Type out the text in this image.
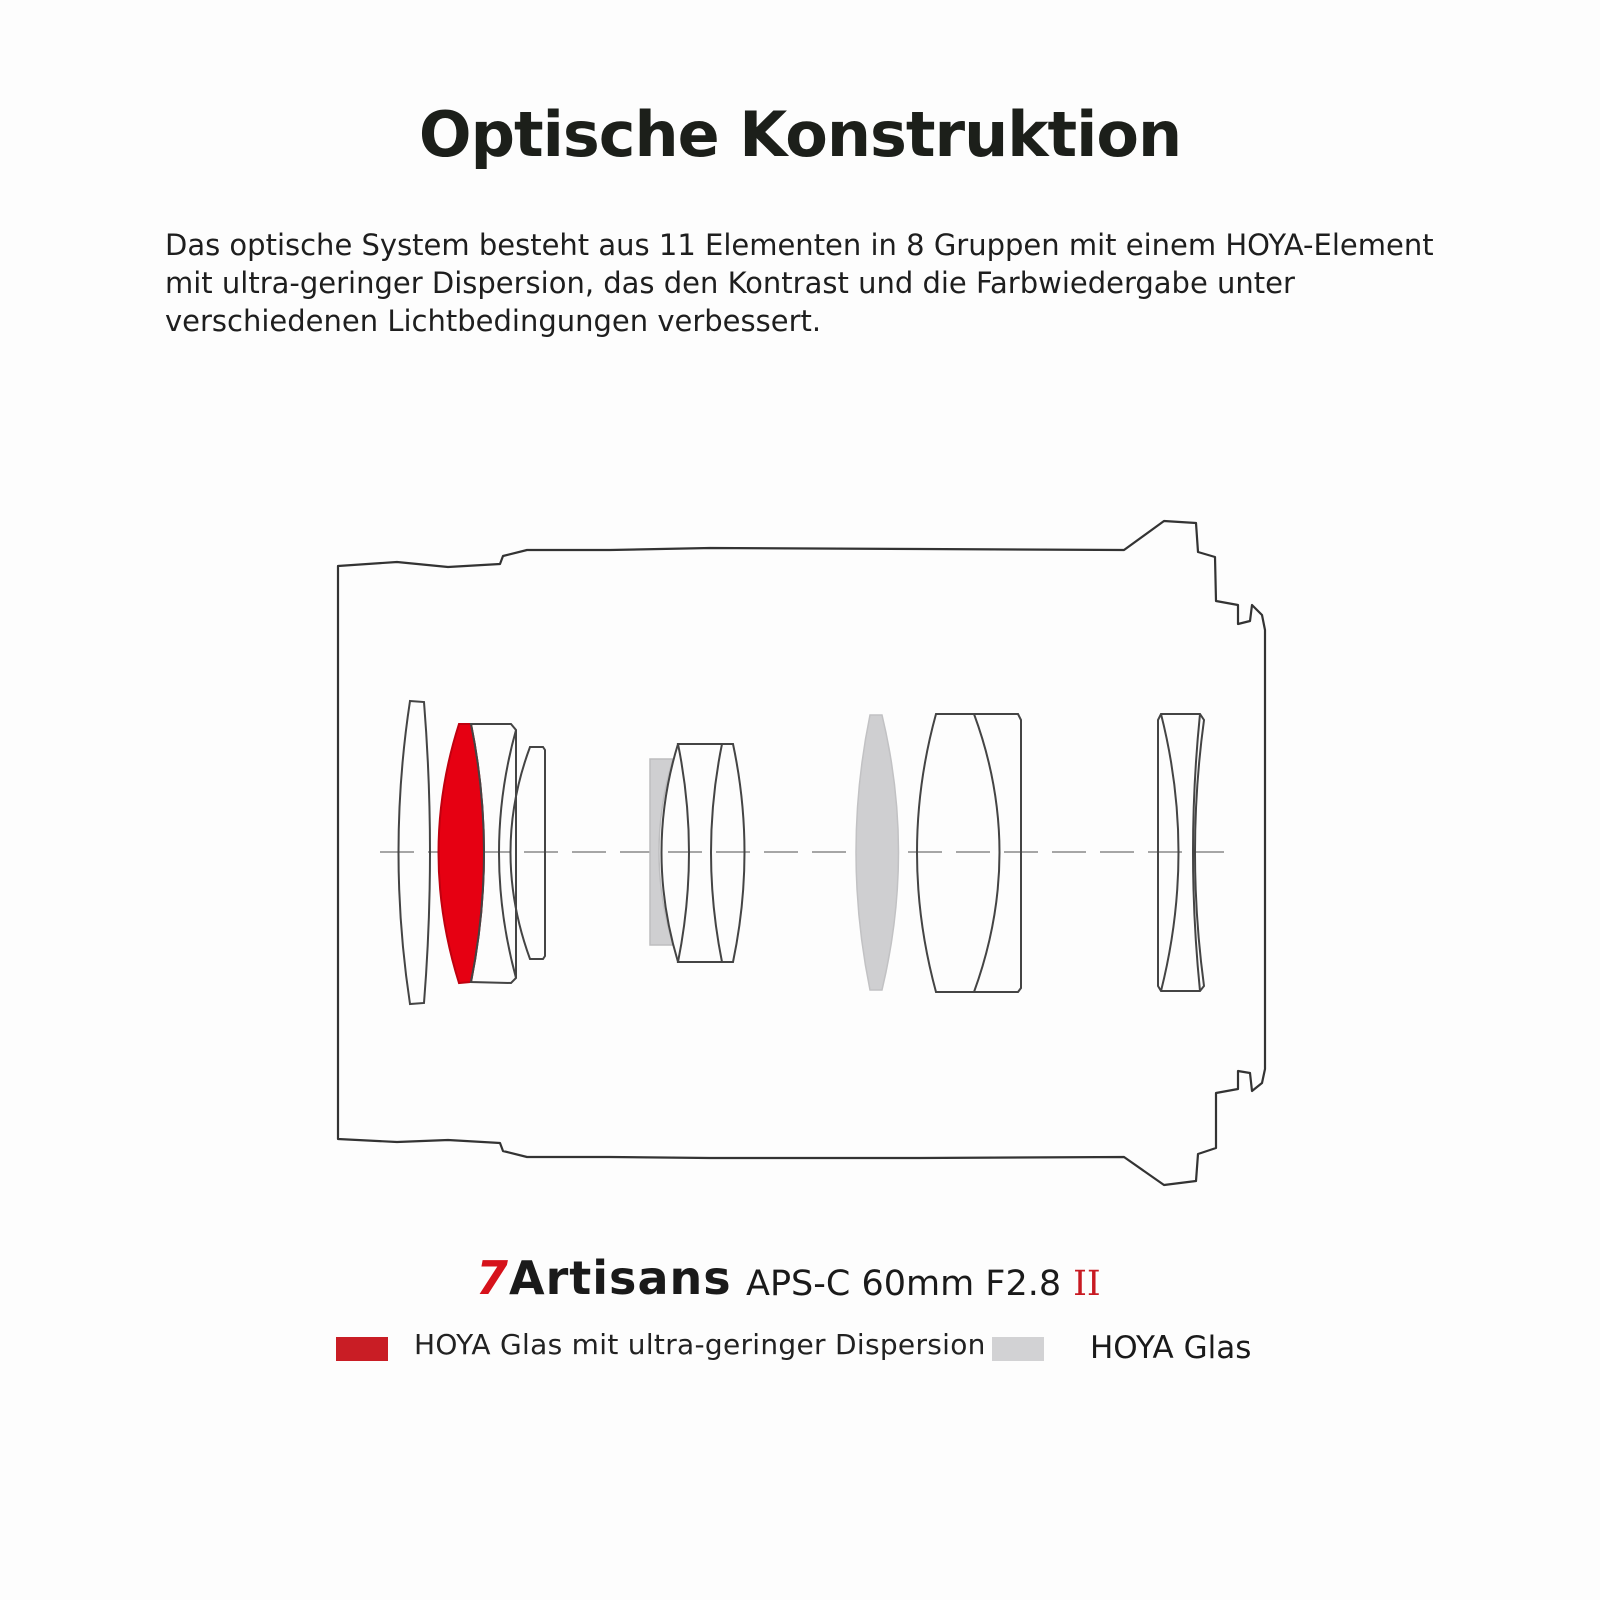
Optische Konstruktion
Das optische System besteht aus 11 Elementen in 8 Gruppen mit einem HOYA-Element mit ultra-geringer Dispersion, das den Kontrast und die Farbwiedergabe unter verschiedenen Lichtbedingungen verbessert.
7Artisans APS-C 60mm F2.8 II
HOYA Glas mit ultra-geringer Dispersion	HOYA Glas
